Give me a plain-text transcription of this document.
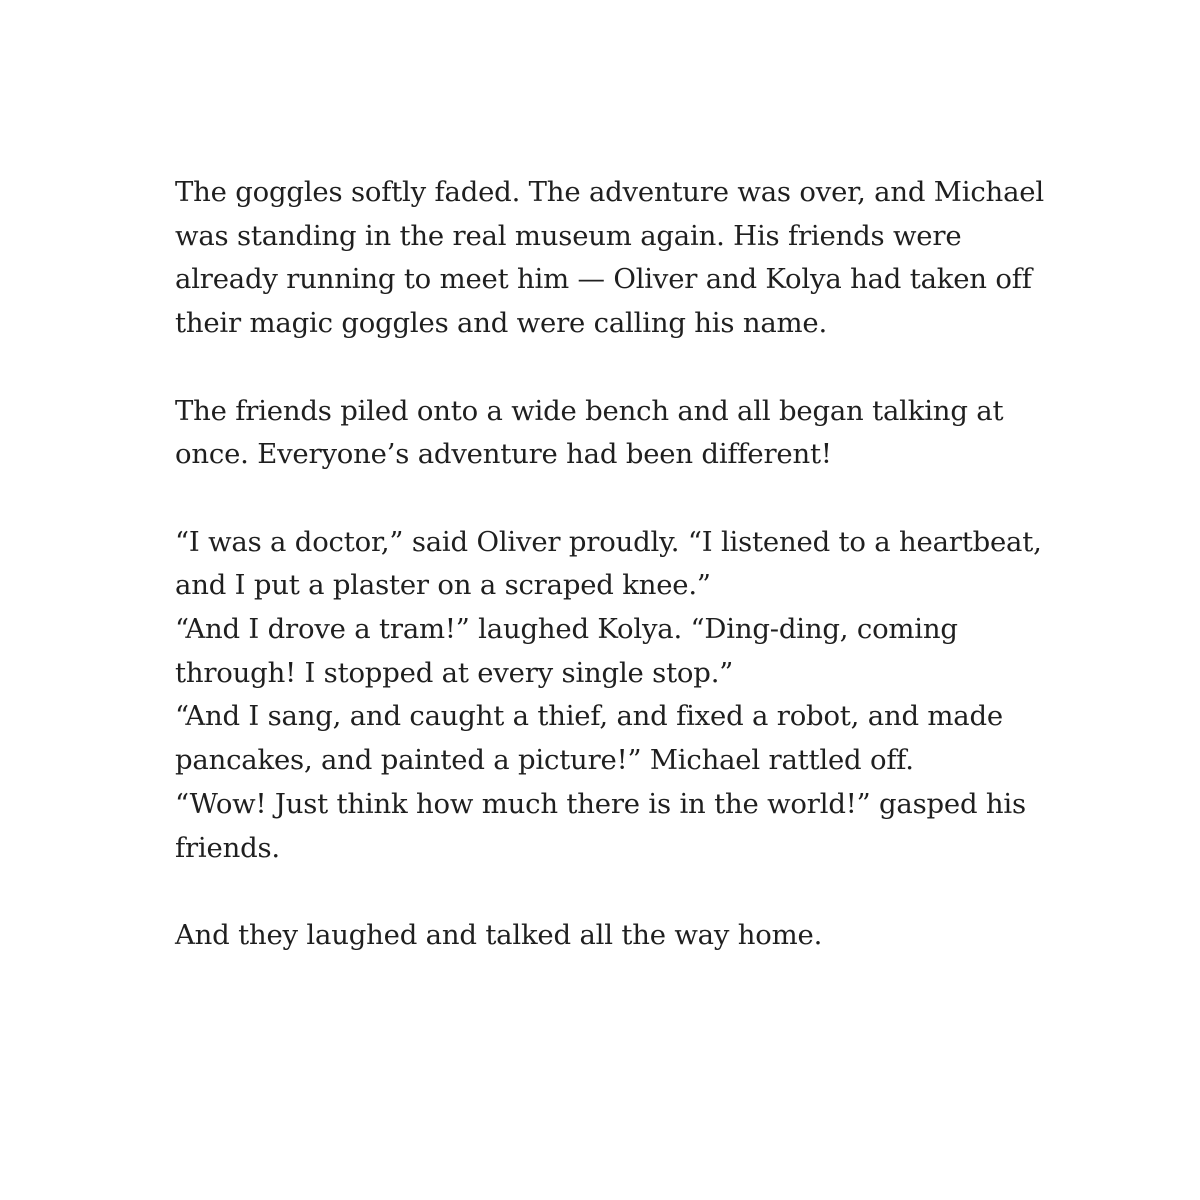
The goggles softly faded. The adventure was over, and Michael
was standing in the real museum again. His friends were
already running to meet him — Oliver and Kolya had taken off
their magic goggles and were calling his name.

The friends piled onto a wide bench and all began talking at
once. Everyone’s adventure had been different!

“I was a doctor,” said Oliver proudly. “I listened to a heartbeat,
and I put a plaster on a scraped knee.”
“And I drove a tram!” laughed Kolya. “Ding-ding, coming
through! I stopped at every single stop.”
“And I sang, and caught a thief, and fixed a robot, and made
pancakes, and painted a picture!” Michael rattled off.
“Wow! Just think how much there is in the world!” gasped his
friends.

And they laughed and talked all the way home.
